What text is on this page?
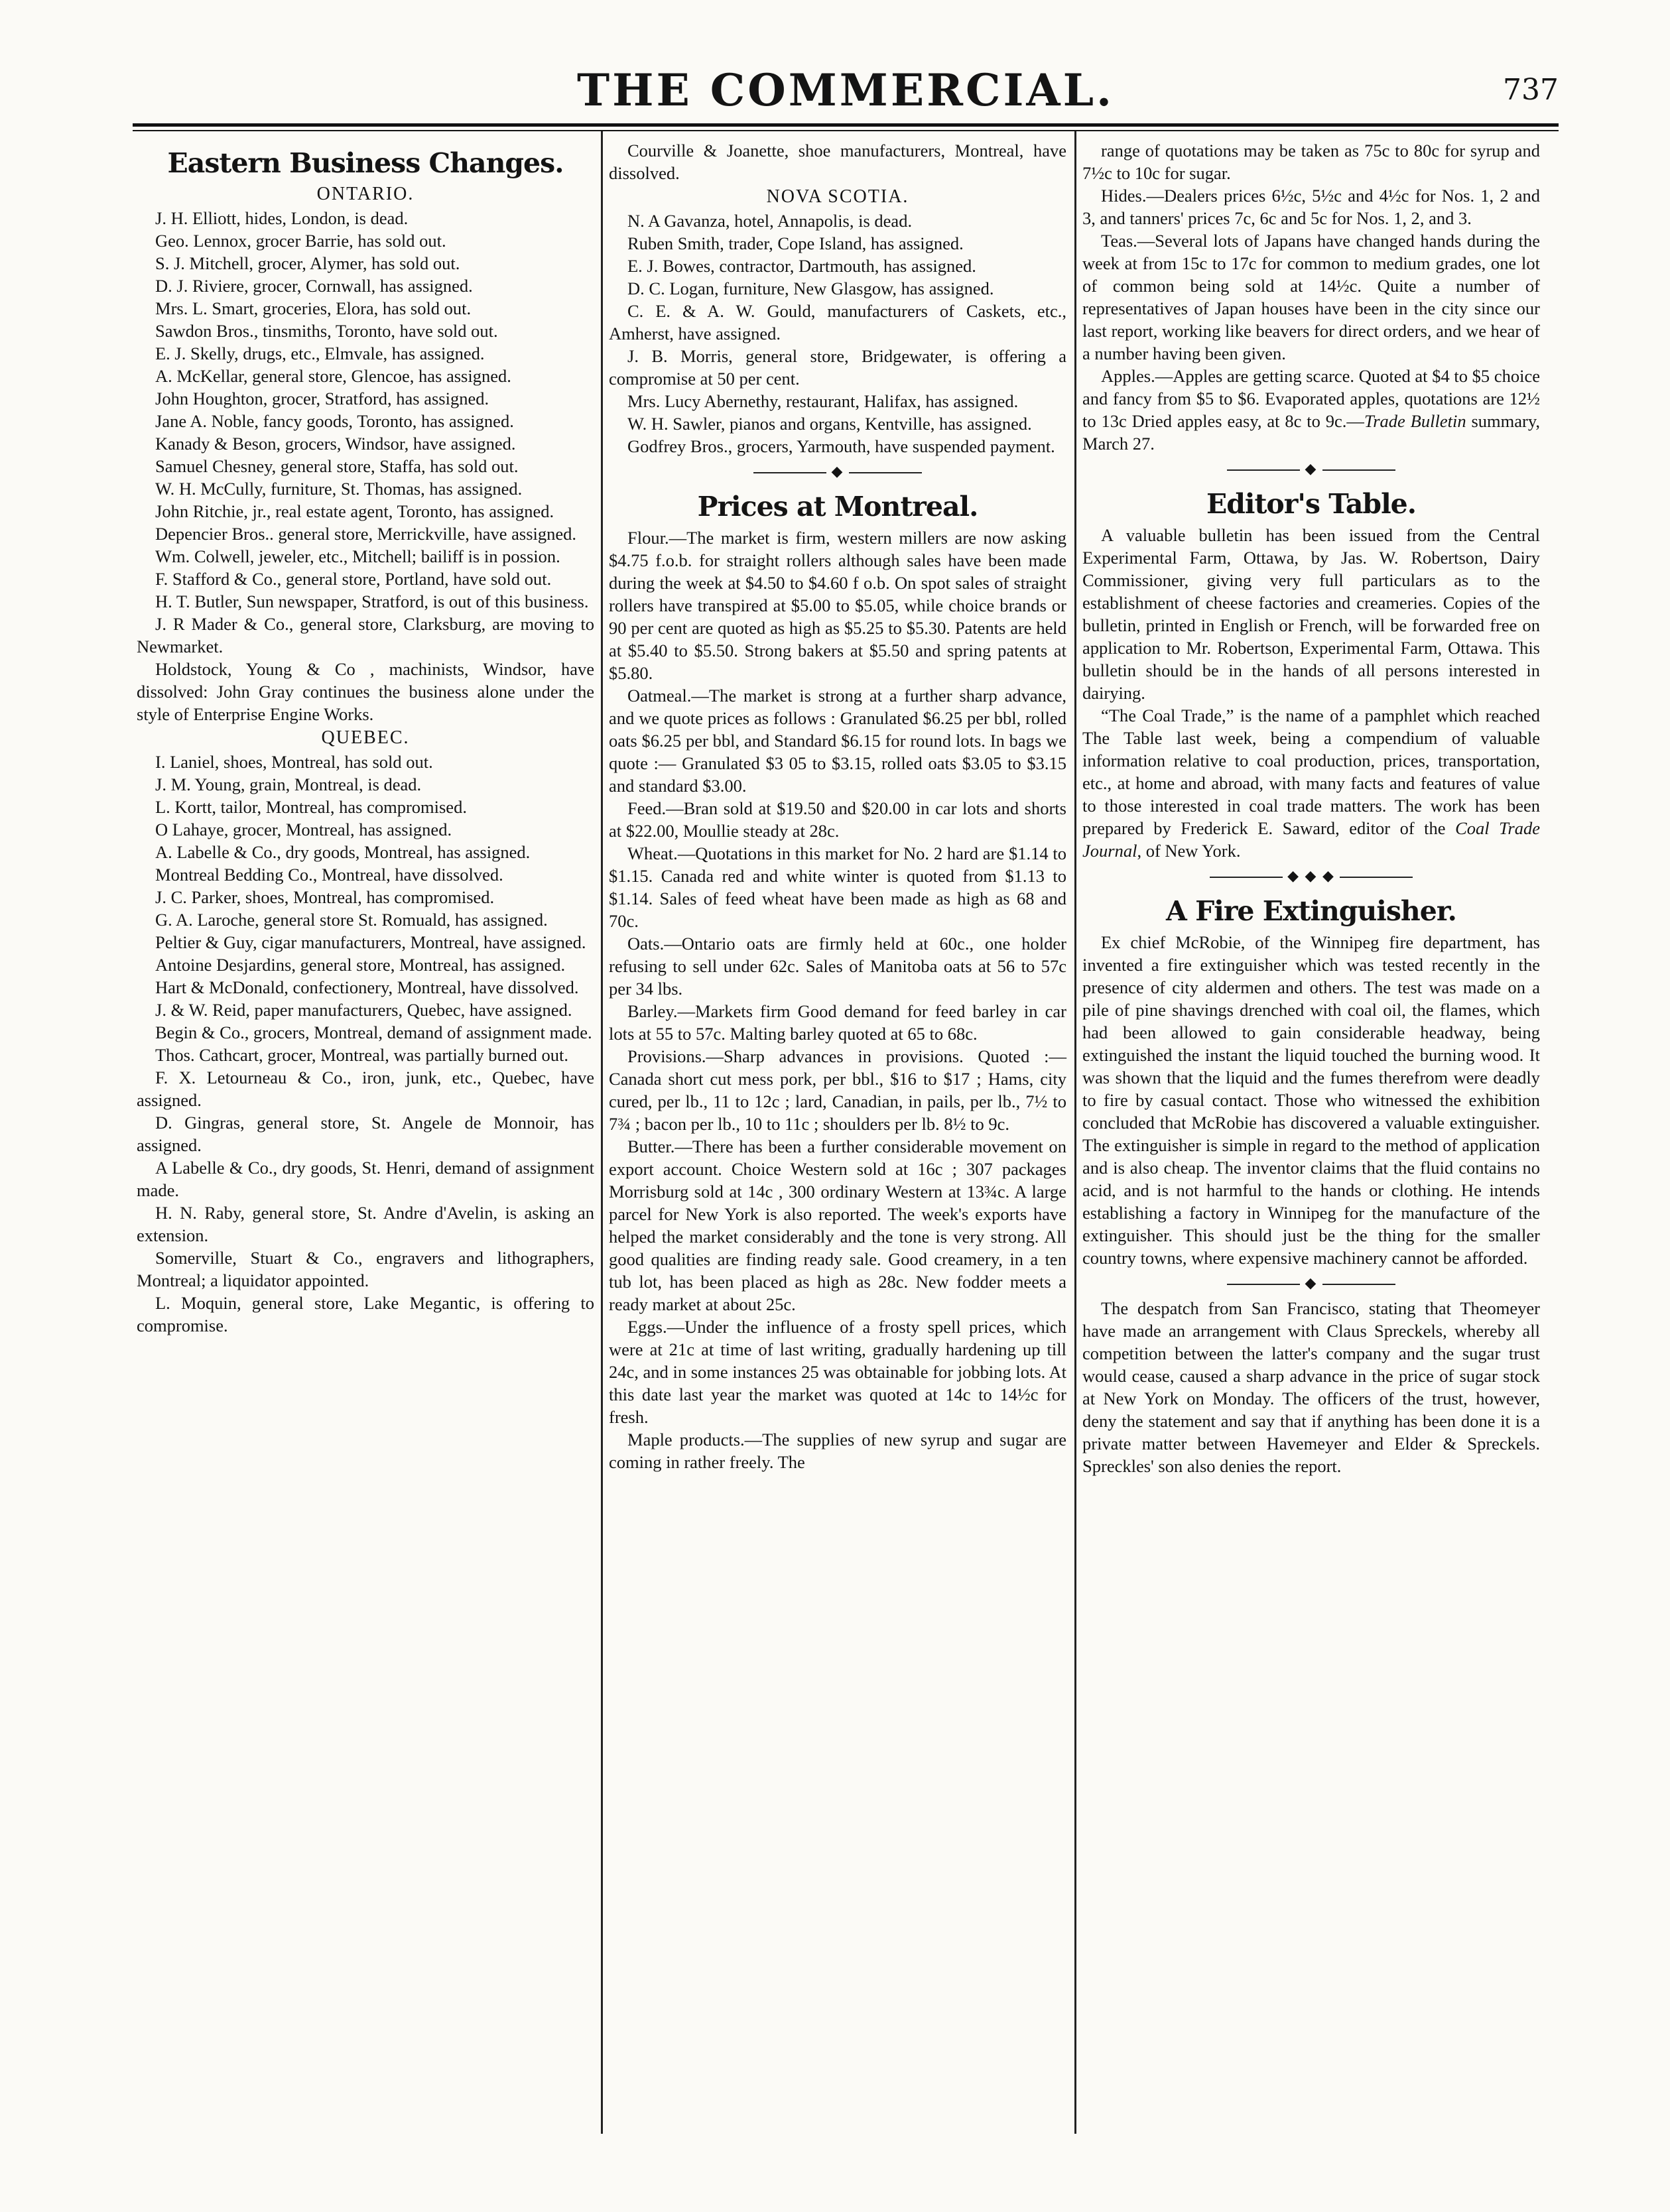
THE COMMERCIAL.	737
Eastern Business Changes.
ONTARIO.

J. H. Elliott, hides, London, is dead.

Geo. Lennox, grocer Barrie, has sold out.

S. J. Mitchell, grocer, Alymer, has sold out.

D. J. Riviere, grocer, Cornwall, has assigned.

Mrs. L. Smart, groceries, Elora, has sold out.

Sawdon Bros., tinsmiths, Toronto, have sold out.

E. J. Skelly, drugs, etc., Elmvale, has assigned.

A. McKellar, general store, Glencoe, has assigned.

John Houghton, grocer, Stratford, has assigned.

Jane A. Noble, fancy goods, Toronto, has assigned.

Kanady & Beson, grocers, Windsor, have assigned.

Samuel Chesney, general store, Staffa, has sold out.

W. H. McCully, furniture, St. Thomas, has assigned.

John Ritchie, jr., real estate agent, Toronto, has assigned.

Depencier Bros.. general store, Merrickville, have assigned.

Wm. Colwell, jeweler, etc., Mitchell; bailiff is in possion.

F. Stafford & Co., general store, Portland, have sold out.

H. T. Butler, Sun newspaper, Stratford, is out of this business.

J. R Mader & Co., general store, Clarksburg, are moving to Newmarket.

Holdstock, Young & Co , machinists, Windsor, have dissolved: John Gray continues the business alone under the style of Enterprise Engine Works.

QUEBEC.

I. Laniel, shoes, Montreal, has sold out.

J. M. Young, grain, Montreal, is dead.

L. Kortt, tailor, Montreal, has compromised.

O Lahaye, grocer, Montreal, has assigned.

A. Labelle & Co., dry goods, Montreal, has assigned.

Montreal Bedding Co., Montreal, have dissolved.

J. C. Parker, shoes, Montreal, has compromised.

G. A. Laroche, general store St. Romuald, has assigned.

Peltier & Guy, cigar manufacturers, Montreal, have assigned.

Antoine Desjardins, general store, Montreal, has assigned.

Hart & McDonald, confectionery, Montreal, have dissolved.

J. & W. Reid, paper manufacturers, Quebec, have assigned.

Begin & Co., grocers, Montreal, demand of assignment made.

Thos. Cathcart, grocer, Montreal, was partially burned out.

F. X. Letourneau & Co., iron, junk, etc., Quebec, have assigned.

D. Gingras, general store, St. Angele de Monnoir, has assigned.

A Labelle & Co., dry goods, St. Henri, demand of assignment made.

H. N. Raby, general store, St. Andre d'Avelin, is asking an extension.

Somerville, Stuart & Co., engravers and lithographers, Montreal; a liquidator appointed.

L. Moquin, general store, Lake Megantic, is offering to compromise.

Courville & Joanette, shoe manufacturers, Montreal, have dissolved.

NOVA SCOTIA.

N. A Gavanza, hotel, Annapolis, is dead.

Ruben Smith, trader, Cope Island, has assigned.

E. J. Bowes, contractor, Dartmouth, has assigned.

D. C. Logan, furniture, New Glasgow, has assigned.

C. E. & A. W. Gould, manufacturers of Caskets, etc., Amherst, have assigned.

J. B. Morris, general store, Bridgewater, is offering a compromise at 50 per cent.

Mrs. Lucy Abernethy, restaurant, Halifax, has assigned.

W. H. Sawler, pianos and organs, Kentville, has assigned.

Godfrey Bros., grocers, Yarmouth, have suspended payment.

◆
Prices at Montreal.

Flour.—The market is firm, western millers are now asking $4.75 f.o.b. for straight rollers although sales have been made during the week at $4.50 to $4.60 f o.b. On spot sales of straight rollers have transpired at $5.00 to $5.05, while choice brands or 90 per cent are quoted as high as $5.25 to $5.30. Patents are held at $5.40 to $5.50. Strong bakers at $5.50 and spring patents at $5.80.

Oatmeal.—The market is strong at a further sharp advance, and we quote prices as follows : Granulated $6.25 per bbl, rolled oats $6.25 per bbl, and Standard $6.15 for round lots. In bags we quote :— Granulated $3 05 to $3.15, rolled oats $3.05 to $3.15 and standard $3.00.

Feed.—Bran sold at $19.50 and $20.00 in car lots and shorts at $22.00, Moullie steady at 28c.

Wheat.—Quotations in this market for No. 2 hard are $1.14 to $1.15. Canada red and white winter is quoted from $1.13 to $1.14. Sales of feed wheat have been made as high as 68 and 70c.

Oats.—Ontario oats are firmly held at 60c., one holder refusing to sell under 62c. Sales of Manitoba oats at 56 to 57c per 34 lbs.

Barley.—Markets firm Good demand for feed barley in car lots at 55 to 57c. Malting barley quoted at 65 to 68c.

Provisions.—Sharp advances in provisions. Quoted :— Canada short cut mess pork, per bbl., $16 to $17 ; Hams, city cured, per lb., 11 to 12c ; lard, Canadian, in pails, per lb., 7½ to 7¾ ; bacon per lb., 10 to 11c ; shoulders per lb. 8½ to 9c.

Butter.—There has been a further considerable movement on export account. Choice Western sold at 16c ; 307 packages Morrisburg sold at 14c , 300 ordinary Western at 13¾c. A large parcel for New York is also reported. The week's exports have helped the market considerably and the tone is very strong. All good qualities are finding ready sale. Good creamery, in a ten tub lot, has been placed as high as 28c. New fodder meets a ready market at about 25c.

Eggs.—Under the influence of a frosty spell prices, which were at 21c at time of last writing, gradually hardening up till 24c, and in some instances 25 was obtainable for jobbing lots. At this date last year the market was quoted at 14c to 14½c for fresh.

Maple products.—The supplies of new syrup and sugar are coming in rather freely. The

range of quotations may be taken as 75c to 80c for syrup and 7½c to 10c for sugar.

Hides.—Dealers prices 6½c, 5½c and 4½c for Nos. 1, 2 and 3, and tanners' prices 7c, 6c and 5c for Nos. 1, 2, and 3.

Teas.—Several lots of Japans have changed hands during the week at from 15c to 17c for common to medium grades, one lot of common being sold at 14½c. Quite a number of representatives of Japan houses have been in the city since our last report, working like beavers for direct orders, and we hear of a number having been given.

Apples.—Apples are getting scarce. Quoted at $4 to $5 choice and fancy from $5 to $6. Evaporated apples, quotations are 12½ to 13c Dried apples easy, at 8c to 9c.—Trade Bulletin summary, March 27.

◆
Editor's Table.

A valuable bulletin has been issued from the Central Experimental Farm, Ottawa, by Jas. W. Robertson, Dairy Commissioner, giving very full particulars as to the establishment of cheese factories and creameries. Copies of the bulletin, printed in English or French, will be forwarded free on application to Mr. Robertson, Experimental Farm, Ottawa. This bulletin should be in the hands of all persons interested in dairying.

“The Coal Trade,” is the name of a pamphlet which reached The Table last week, being a compendium of valuable information relative to coal production, prices, transportation, etc., at home and abroad, with many facts and features of value to those interested in coal trade matters. The work has been prepared by Frederick E. Saward, editor of the Coal Trade Journal, of New York.

◆ ◆ ◆
A Fire Extinguisher.

Ex chief McRobie, of the Winnipeg fire department, has invented a fire extinguisher which was tested recently in the presence of city aldermen and others. The test was made on a pile of pine shavings drenched with coal oil, the flames, which had been allowed to gain considerable headway, being extinguished the instant the liquid touched the burning wood. It was shown that the liquid and the fumes therefrom were deadly to fire by casual contact. Those who witnessed the exhibition concluded that McRobie has discovered a valuable extinguisher. The extinguisher is simple in regard to the method of application and is also cheap. The inventor claims that the fluid contains no acid, and is not harmful to the hands or clothing. He intends establishing a factory in Winnipeg for the manufacture of the extinguisher. This should just be the thing for the smaller country towns, where expensive machinery cannot be afforded.

◆

The despatch from San Francisco, stating that Theomeyer have made an arrangement with Claus Spreckels, whereby all competition between the latter's company and the sugar trust would cease, caused a sharp advance in the price of sugar stock at New York on Monday. The officers of the trust, however, deny the statement and say that if anything has been done it is a private matter between Havemeyer and Elder & Spreckels. Spreckles' son also denies the report.
